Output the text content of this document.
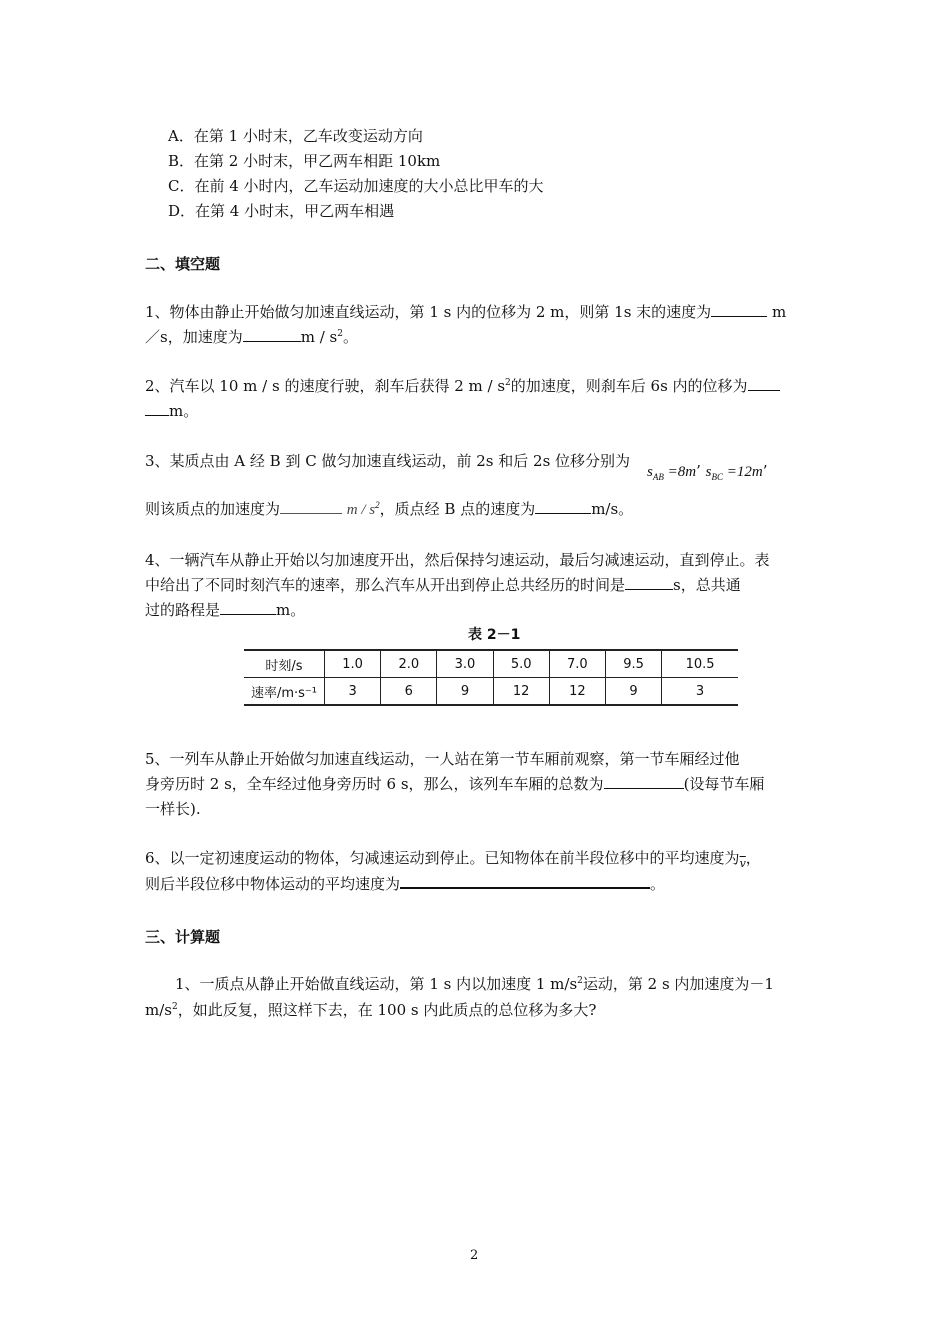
A．在第 1 小时末，乙车改变运动方向
B．在第 2 小时末，甲乙两车相距 10km
C．在前 4 小时内，乙车运动加速度的大小总比甲车的大
D．在第 4 小时末，甲乙两车相遇
二、填空题
1、物体由静止开始做匀加速直线运动，第 1 s 内的位移为 2 m，则第 1s 末的速度为	m
／s，加速度为	m / $s^2$。
2、汽车以 10 m / s 的速度行驶，刹车后获得 2 m / $s^2$的加速度，则刹车后 6s 内的位移为
m。
3、某质点由 A 经 B 到 C 做匀加速直线运动，前 2s 和后 2s 位移分别为
$s_{AB} =8m$’ $s_{BC} =12m$’
则该质点的加速度为	m / $s^2$，质点经 B 点的速度为	m/s。
4、一辆汽车从静止开始以匀加速度开出，然后保持匀速运动，最后匀减速运动，直到停止。表
中给出了不同时刻汽车的速率，那么汽车从开出到停止总共经历的时间是	s，总共通
过的路程是	m。
表 2－1
时刻/s	1.0	2.0	3.0	5.0	7.0	9.5	10.5
速率/m·s⁻¹	3	6	9	12	12	9	3
5、一列车从静止开始做匀加速直线运动，一人站在第一节车厢前观察，第一节车厢经过他
身旁历时 2 s，全车经过他身旁历时 6 s，那么，该列车车厢的总数为	(设每节车厢
一样长).
6、以一定初速度运动的物体，匀减速运动到停止。已知物体在前半段位移中的平均速度为$_{\overline{v}}$，
则后半段位移中物体运动的平均速度为	。
三、计算题
1、一质点从静止开始做直线运动，第 1 s 内以加速度 1 $m/s^2$运动，第 2 s 内加速度为－1
$m/s^2$，如此反复，照这样下去，在 100 s 内此质点的总位移为多大?
2
